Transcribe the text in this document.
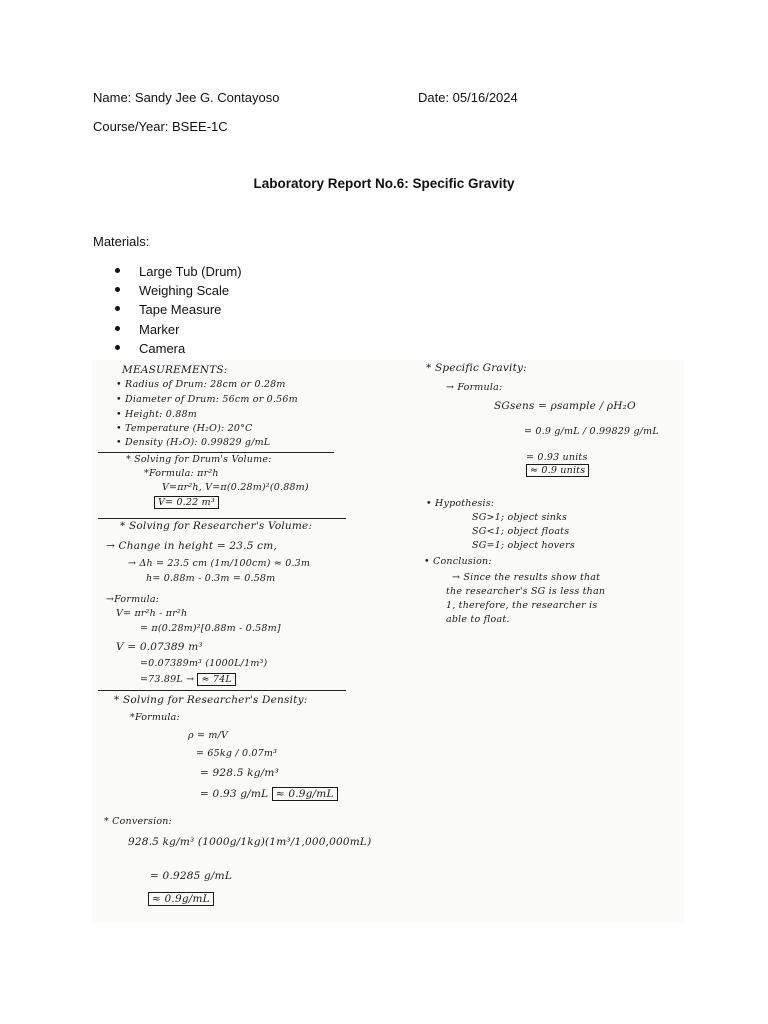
Name: Sandy Jee G. Contayoso	Date: 05/16/2024
Course/Year: BSEE-1C
Laboratory Report No.6: Specific Gravity
Materials:
Large Tub (Drum)
Weighing Scale
Tape Measure
Marker
Camera
MEASUREMENTS:
• Radius of Drum: 28cm or 0.28m
• Diameter of Drum: 56cm or 0.56m
• Height: 0.88m
• Temperature (H₂O): 20°C
• Density (H₂O): 0.99829 g/mL
* Solving for Drum's Volume:
*Formula: πr²h
V=πr²h, V=π(0.28m)²(0.88m)
V= 0.22 m³
* Solving for Researcher's Volume:
→ Change in height = 23.5 cm,
→ Δh = 23.5 cm (1m/100cm) ≈ 0.3m
h= 0.88m - 0.3m = 0.58m
→Formula:
V= πr²h - πr²h
= π(0.28m)²[0.88m - 0.58m]
V = 0.07389 m³
=0.07389m³ (1000L/1m³)
=73.89L → ≈ 74L
* Solving for Researcher's Density:
*Formula:
ρ = m/V
= 65kg / 0.07m³
= 928.5 kg/m³
= 0.93 g/mL ≈ 0.9g/mL
* Conversion:
928.5 kg/m³ (1000g/1kg)(1m³/1,000,000mL)
= 0.9285 g/mL
≈ 0.9g/mL
* Specific Gravity:
→ Formula:
SGsens = ρsample / ρH₂O
= 0.9 g/mL / 0.99829 g/mL
= 0.93 units
≈ 0.9 units
• Hypothesis:
SG>1; object sinks
SG<1; object floats
SG=1; object hovers
• Conclusion:
→ Since the results show that
the researcher's SG is less than
1, therefore, the researcher is
able to float.
